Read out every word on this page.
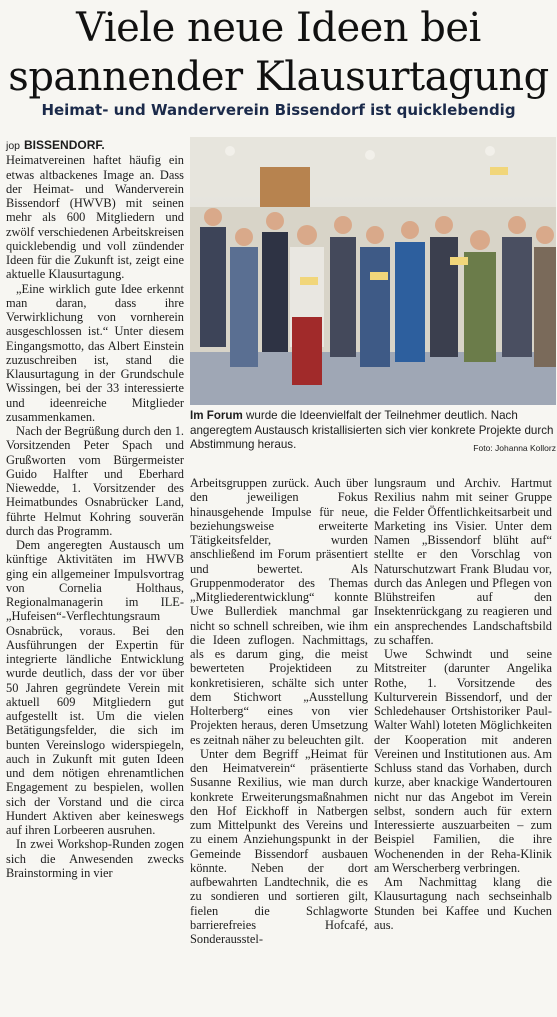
Viele neue Ideen bei
spannender Klausurtagung
Heimat- und Wanderverein Bissendorf ist quicklebendig

jop BISSENDORF. Heimatvereinen haftet häufig ein etwas altbackenes Image an. Dass der Heimat- und Wanderverein Bissendorf (HWVB) mit seinen mehr als 600 Mitgliedern und zwölf verschiedenen Arbeitskreisen quicklebendig und voll zündender Ideen für die Zukunft ist, zeigt eine aktuelle Klausurtagung.

„Eine wirklich gute Idee erkennt man daran, dass ihre Verwirklichung von vornherein ausgeschlossen ist.“ Unter diesem Eingangsmotto, das Albert Einstein zuzuschreiben ist, stand die Klausurtagung in der Grundschule Wissingen, bei der 33 interessierte und ideenreiche Mitglieder zusammenkamen.

Nach der Begrüßung durch den 1. Vorsitzenden Peter Spach und Grußworten vom Bürgermeister Guido Halfter und Eberhard Niewedde, 1. Vorsitzender des Heimatbundes Osnabrücker Land, führte Helmut Kohring souverän durch das Programm.

Dem angeregten Austausch um künftige Aktivitäten im HWVB ging ein allgemeiner Impulsvortrag von Cornelia Holthaus, Regionalmanagerin im ILE-„Hufeisen“-Verflechtungsraum Osnabrück, voraus. Bei den Ausführungen der Expertin für integrierte ländliche Entwicklung wurde deutlich, dass der vor über 50 Jahren gegründete Verein mit aktuell 609 Mitgliedern gut aufgestellt ist. Um die vielen Betätigungsfelder, die sich im bunten Vereinslogo widerspiegeln, auch in Zukunft mit guten Ideen und dem nötigen ehrenamtlichen Engagement zu bespielen, wollen sich der Vorstand und die circa Hundert Aktiven aber keineswegs auf ihren Lorbeeren ausruhen.

In zwei Workshop-Runden zogen sich die Anwesenden zwecks Brainstorming in vier

Im Forum wurde die Ideenvielfalt der Teilnehmer deutlich. Nach angeregtem Austausch kristallisierten sich vier konkrete Projekte durch Abstimmung heraus.	Foto: Johanna Kollorz

Arbeitsgruppen zurück. Auch über den jeweiligen Fokus hinausgehende Impulse für neue, beziehungsweise erweiterte Tätigkeitsfelder, wurden anschließend im Forum präsentiert und bewertet. Als Gruppenmoderator des Themas „Mitgliederentwicklung“ konnte Uwe Bullerdiek manchmal gar nicht so schnell schreiben, wie ihm die Ideen zuflogen. Nachmittags, als es darum ging, die meist bewerteten Projektideen zu konkretisieren, schälte sich unter dem Stichwort „Ausstellung Holterberg“ eines von vier Projekten heraus, deren Umsetzung es zeitnah näher zu beleuchten gilt.

Unter dem Begriff „Heimat für den Heimatverein“ präsentierte Susanne Rexilius, wie man durch konkrete Erweiterungsmaßnahmen den Hof Eickhoff in Natbergen zum Mittelpunkt des Vereins und zu einem Anziehungspunkt in der Gemeinde Bissendorf ausbauen könnte. Neben der dort aufbewahrten Landtechnik, die es zu sondieren und sortieren gilt, fielen die Schlagworte barrierefreies Hofcafé, Sonderausstel-

lungsraum und Archiv. Hartmut Rexilius nahm mit seiner Gruppe die Felder Öffentlichkeitsarbeit und Marketing ins Visier. Unter dem Namen „Bissendorf blüht auf“ stellte er den Vorschlag von Naturschutzwart Frank Bludau vor, durch das Anlegen und Pflegen von Blühstreifen auf den Insektenrückgang zu reagieren und ein ansprechendes Landschaftsbild zu schaffen.

Uwe Schwindt und seine Mitstreiter (darunter Angelika Rothe, 1. Vorsitzende des Kulturverein Bissendorf, und der Schledehauser Ortshistoriker Paul-Walter Wahl) loteten Möglichkeiten der Kooperation mit anderen Vereinen und Institutionen aus. Am Schluss stand das Vorhaben, durch kurze, aber knackige Wandertouren nicht nur das Angebot im Verein selbst, sondern auch für extern Interessierte auszuarbeiten – zum Beispiel Familien, die ihre Wochenenden in der Reha-Klinik am Werscherberg verbringen.

Am Nachmittag klang die Klausurtagung nach sechseinhalb Stunden bei Kaffee und Kuchen aus.
